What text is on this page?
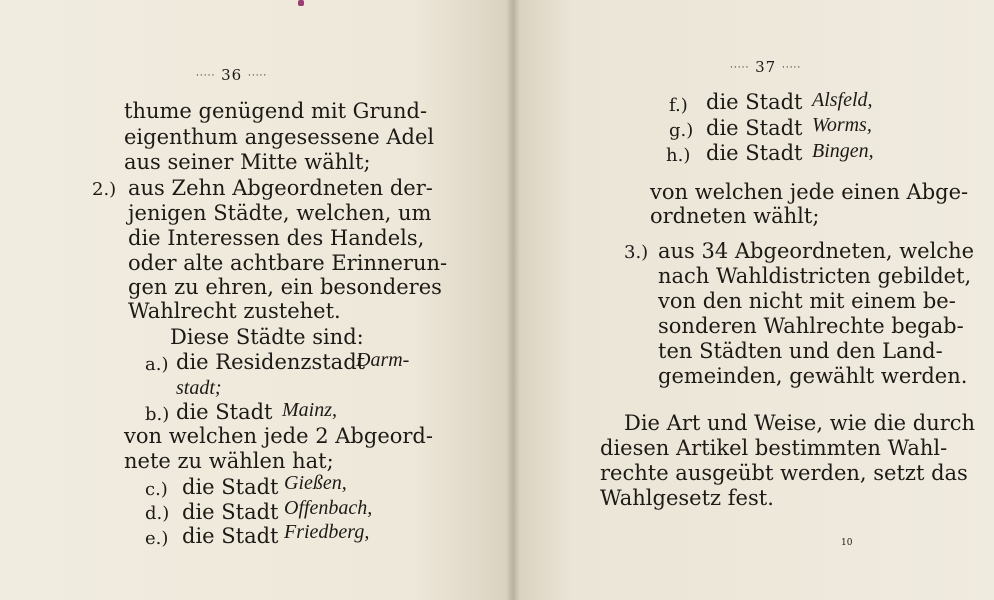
····· 36 ·····
thume genügend mit Grund-
eigenthum angesessene Adel
aus seiner Mitte wählt;
2.) aus Zehn Abgeordneten der-
jenigen Städte, welchen, um
die Interessen des Handels,
oder alte achtbare Erinnerun-
gen zu ehren, ein besonderes
Wahlrecht zustehet.
Diese Städte sind:
a.) die Residenzstadt
Darm-
stadt;
b.) die Stadt Mainz,
von welchen jede 2 Abgeord-
nete zu wählen hat;
c.) die Stadt Gießen,
d.) die Stadt Offenbach,
e.) die Stadt Friedberg,
····· 37 ·····
f.) die Stadt Alsfeld,
g.) die Stadt Worms,
h.) die Stadt Bingen,
von welchen jede einen Abge-
ordneten wählt;
3.) aus 34 Abgeordneten, welche
nach Wahldistricten gebildet,
von den nicht mit einem be-
sonderen Wahlrechte begab-
ten Städten und den Land-
gemeinden, gewählt werden.
Die Art und Weise, wie die durch
diesen Artikel bestimmten Wahl-
rechte ausgeübt werden, setzt das
Wahlgesetz fest.
10
